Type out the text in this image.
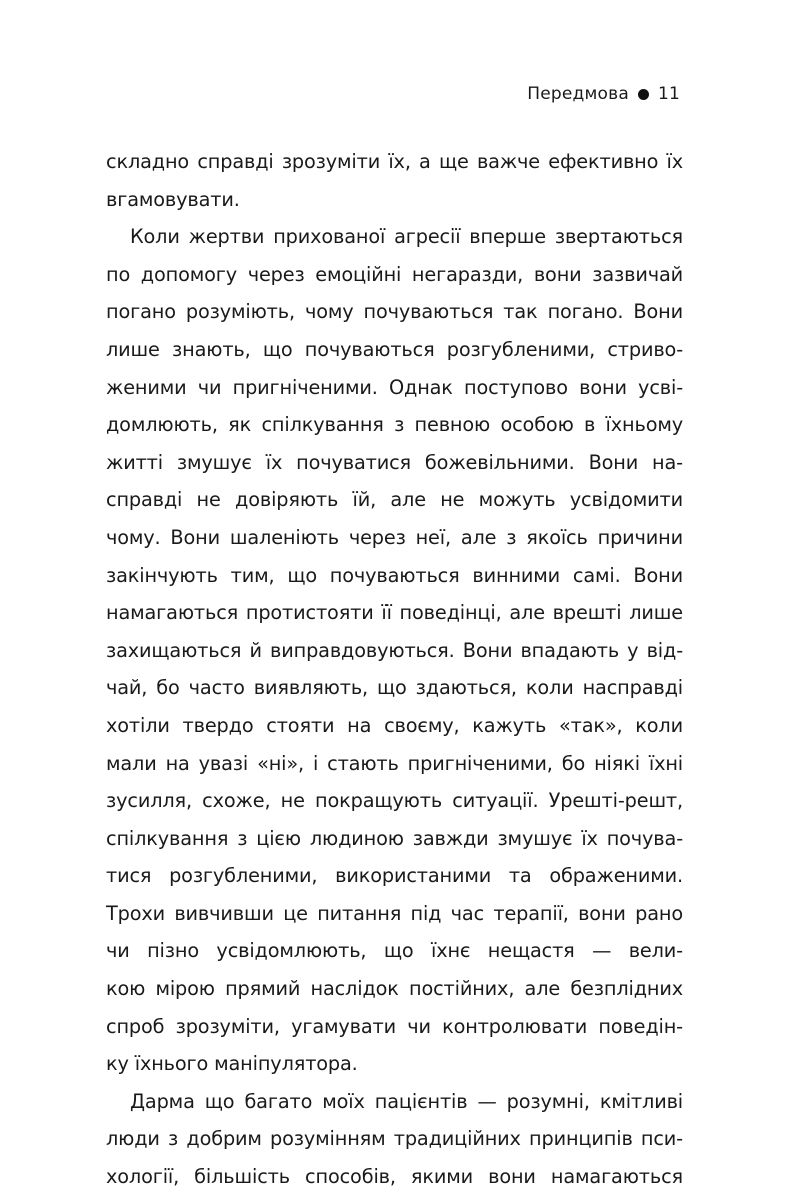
Передмова 11
складно справді зрозуміти їх, а ще важче ефективно їх
вгамовувати.
Коли жертви прихованої агресії вперше звертаються
по допомогу через емоційні негаразди, вони зазвичай
погано розуміють, чому почуваються так погано. Вони
лише знають, що почуваються розгубленими, стриво-
женими чи пригніченими. Однак поступово вони усві-
домлюють, як спілкування з певною особою в їхньому
житті змушує їх почуватися божевільними. Вони на-
справді не довіряють їй, але не можуть усвідомити
чому. Вони шаленіють через неї, але з якоїсь причини
закінчують тим, що почуваються винними самі. Вони
намагаються протистояти її поведінці, але врешті лише
захищаються й виправдовуються. Вони впадають у від-
чай, бо часто виявляють, що здаються, коли насправді
хотіли твердо стояти на своєму, кажуть «так», коли
мали на увазі «ні», і стають пригніченими, бо ніякі їхні
зусилля, схоже, не покращують ситуації. Урешті-решт,
спілкування з цією людиною завжди змушує їх почува-
тися розгубленими, використаними та ображеними.
Трохи вивчивши це питання під час терапії, вони рано
чи пізно усвідомлюють, що їхнє нещастя — вели-
кою мірою прямий наслідок постійних, але безплідних
спроб зрозуміти, угамувати чи контролювати поведін-
ку їхнього маніпулятора.
Дарма що багато моїх пацієнтів — розумні, кмітливі
люди з добрим розумінням традиційних принципів пси-
хології, більшість способів, якими вони намагаються
